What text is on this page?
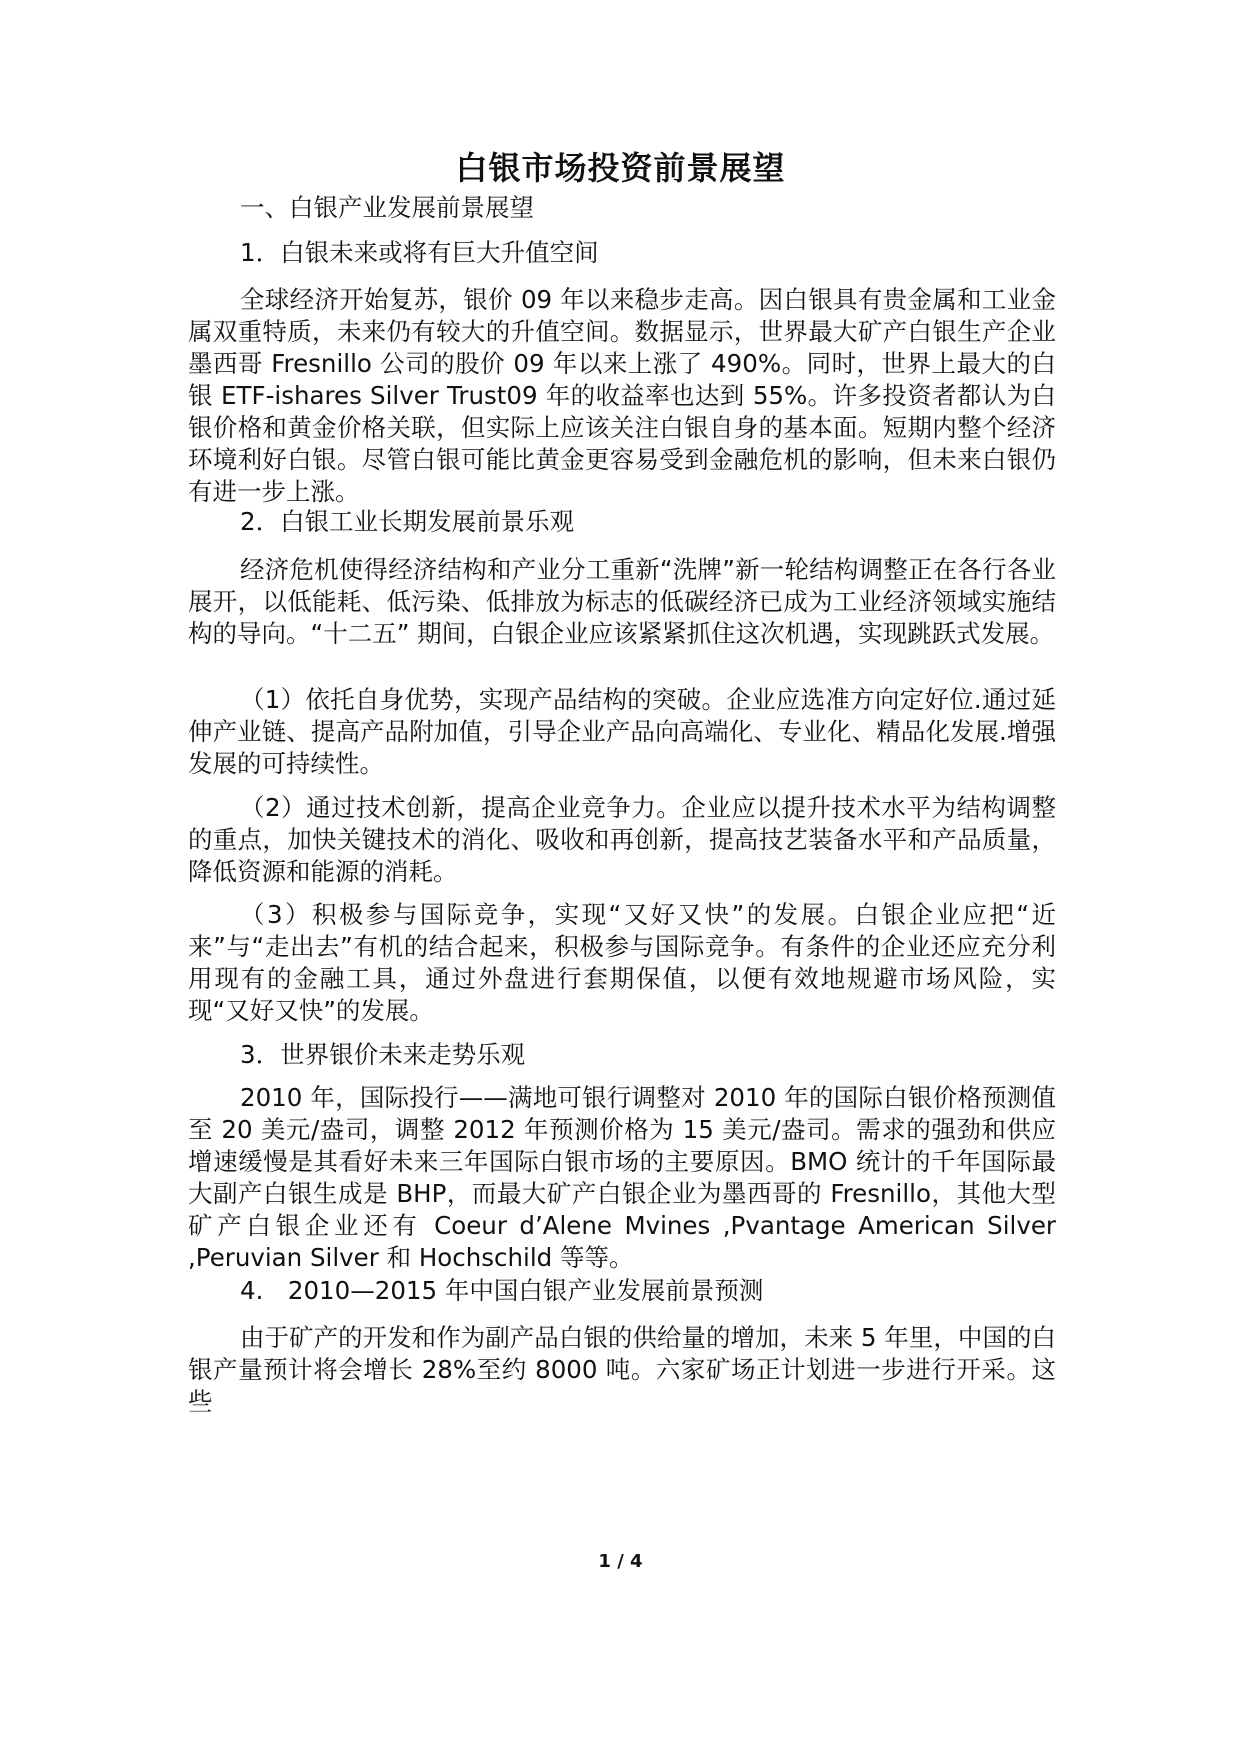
白银市场投资前景展望

一、白银产业发展前景展望

1．白银未来或将有巨大升值空间

全球经济开始复苏，银价 09 年以来稳步走高。因白银具有贵金属和工业金属双重特质，未来仍有较大的升值空间。数据显示，世界最大矿产白银生产企业墨西哥 Fresnillo 公司的股价 09 年以来上涨了 490%。同时，世界上最大的白银 ETF-ishares Silver Trust09 年的收益率也达到 55%。许多投资者都认为白银价格和黄金价格关联，但实际上应该关注白银自身的基本面。短期内整个经济环境利好白银。尽管白银可能比黄金更容易受到金融危机的影响，但未来白银仍有进一步上涨。

2．白银工业长期发展前景乐观

经济危机使得经济结构和产业分工重新“洗牌”新一轮结构调整正在各行各业展开，以低能耗、低污染、低排放为标志的低碳经济已成为工业经济领域实施结构的导向。“十二五” 期间，白银企业应该紧紧抓住这次机遇，实现跳跃式发展。

（1）依托自身优势，实现产品结构的突破。企业应选准方向定好位.通过延伸产业链、提高产品附加值，引导企业产品向高端化、专业化、精品化发展.增强发展的可持续性。

（2）通过技术创新，提高企业竞争力。企业应以提升技术水平为结构调整的重点，加快关键技术的消化、吸收和再创新，提高技艺装备水平和产品质量，降低资源和能源的消耗。

（3）积极参与国际竞争，实现“又好又快”的发展。白银企业应把“近来”与“走出去”有机的结合起来，积极参与国际竞争。有条件的企业还应充分利用现有的金融工具，通过外盘进行套期保值，以便有效地规避市场风险，实现“又好又快”的发展。

3．世界银价未来走势乐观

2010 年，国际投行——满地可银行调整对 2010 年的国际白银价格预测值至 20 美元/盎司，调整 2012 年预测价格为 15 美元/盎司。需求的强劲和供应增速缓慢是其看好未来三年国际白银市场的主要原因。BMO 统计的千年国际最大副产白银生成是 BHP，而最大矿产白银企业为墨西哥的 Fresnillo，其他大型矿产白银企业还有 Coeur d’Alene Mvines ,Pvantage American Silver ,Peruvian Silver 和 Hochschild 等等。

4.　2010—2015 年中国白银产业发展前景预测

由于矿产的开发和作为副产品白银的供给量的增加，未来 5 年里，中国的白银产量预计将会增长 28%至约 8000 吨。六家矿场正计划进一步进行开采。这些

1 / 4
